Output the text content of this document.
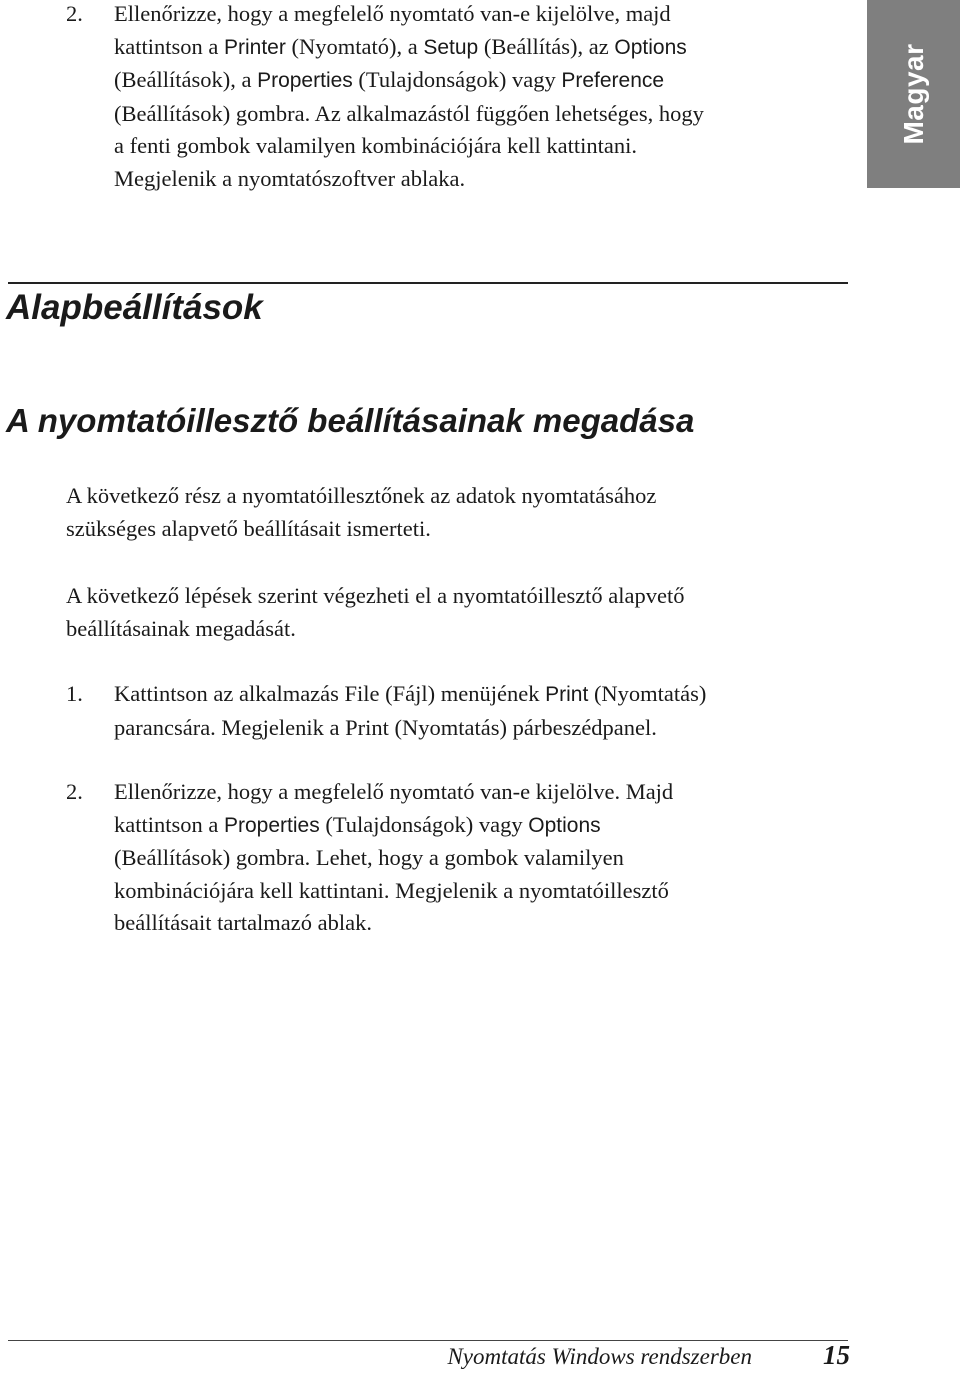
Magyar
2.	Ellenőrizze, hogy a megfelelő nyomtató van-e kijelölve, majd
kattintson a Printer (Nyomtató), a Setup (Beállítás), az Options
(Beállítások), a Properties (Tulajdonságok) vagy Preference
(Beállítások) gombra. Az alkalmazástól függően lehetséges, hogy
a fenti gombok valamilyen kombinációjára kell kattintani.
Megjelenik a nyomtatószoftver ablaka.
Alapbeállítások
A nyomtatóillesztő beállításainak megadása
A következő rész a nyomtatóillesztőnek az adatok nyomtatásához
szükséges alapvető beállításait ismerteti.
A következő lépések szerint végezheti el a nyomtatóillesztő alapvető
beállításainak megadását.
1.	Kattintson az alkalmazás File (Fájl) menüjének Print (Nyomtatás)
parancsára. Megjelenik a Print (Nyomtatás) párbeszédpanel.
2.	Ellenőrizze, hogy a megfelelő nyomtató van-e kijelölve. Majd
kattintson a Properties (Tulajdonságok) vagy Options
(Beállítások) gombra. Lehet, hogy a gombok valamilyen
kombinációjára kell kattintani. Megjelenik a nyomtatóillesztő
beállításait tartalmazó ablak.
Nyomtatás Windows rendszerben	15
